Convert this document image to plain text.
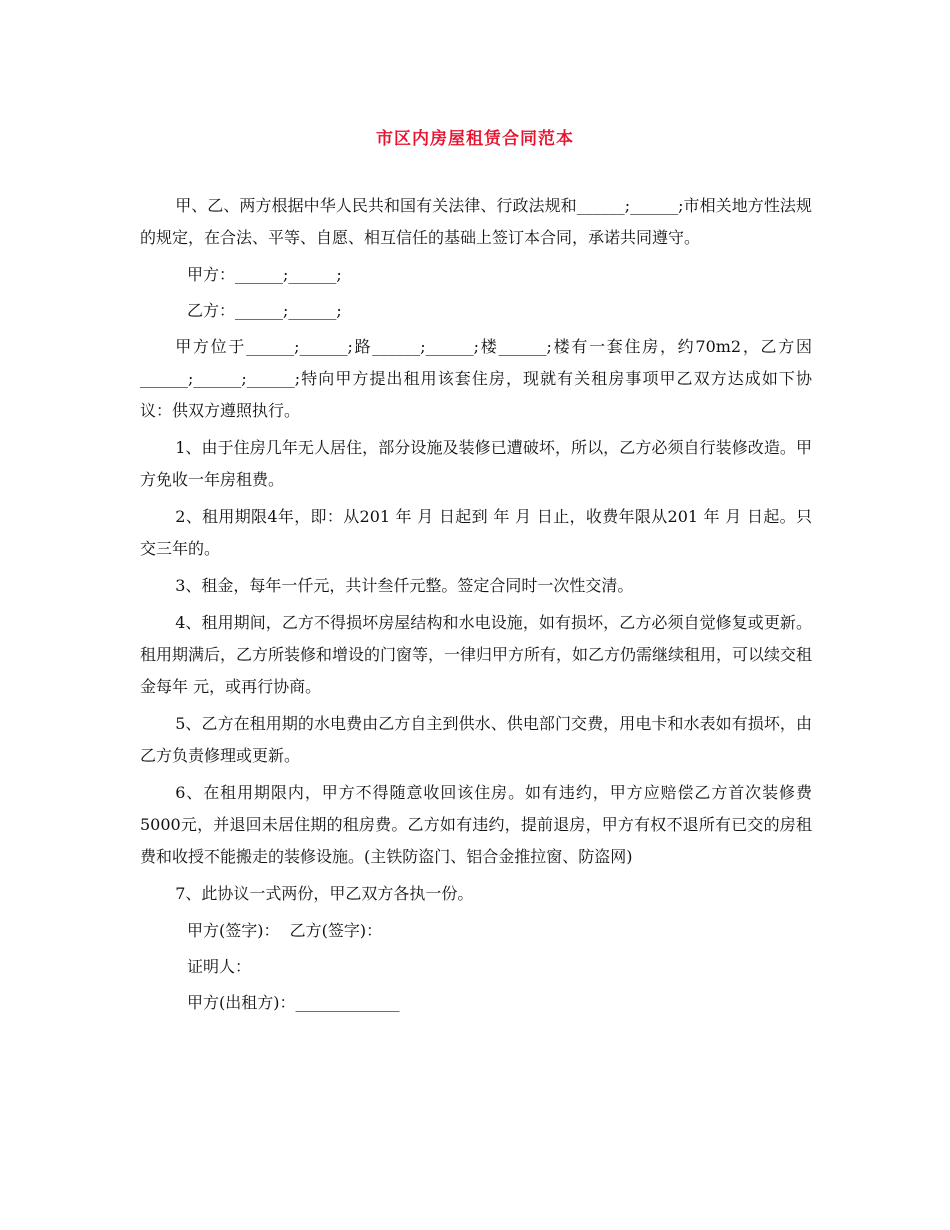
市区内房屋租赁合同范本

甲、乙、两方根据中华人民共和国有关法律、行政法规和______;______;市相关地方性法规的规定，在合法、平等、自愿、相互信任的基础上签订本合同，承诺共同遵守。

甲方：______;______;
乙方：______;______;

甲方位于______;______;路______;______;楼______;楼有一套住房，约70m2，乙方因______;______;______;特向甲方提出租用该套住房，现就有关租房事项甲乙双方达成如下协议：供双方遵照执行。

1、由于住房几年无人居住，部分设施及装修已遭破坏，所以，乙方必须自行装修改造。甲方免收一年房租费。

2、租用期限4年，即：从201 年 月 日起到 年 月 日止，收费年限从201 年 月 日起。只交三年的。

3、租金，每年一仟元，共计叁仟元整。签定合同时一次性交清。

4、租用期间，乙方不得损坏房屋结构和水电设施，如有损坏，乙方必须自觉修复或更新。租用期满后，乙方所装修和增设的门窗等，一律归甲方所有，如乙方仍需继续租用，可以续交租金每年 元，或再行协商。

5、乙方在租用期的水电费由乙方自主到供水、供电部门交费，用电卡和水表如有损坏，由乙方负责修理或更新。

6、在租用期限内，甲方不得随意收回该住房。如有违约，甲方应赔偿乙方首次装修费5000元，并退回未居住期的租房费。乙方如有违约，提前退房，甲方有权不退所有已交的房租费和收授不能搬走的装修设施。(主铁防盗门、铝合金推拉窗、防盗网)

7、此协议一式两份，甲乙双方各执一份。

甲方(签字)：  乙方(签字)：
证明人：
甲方(出租方)：_____________
